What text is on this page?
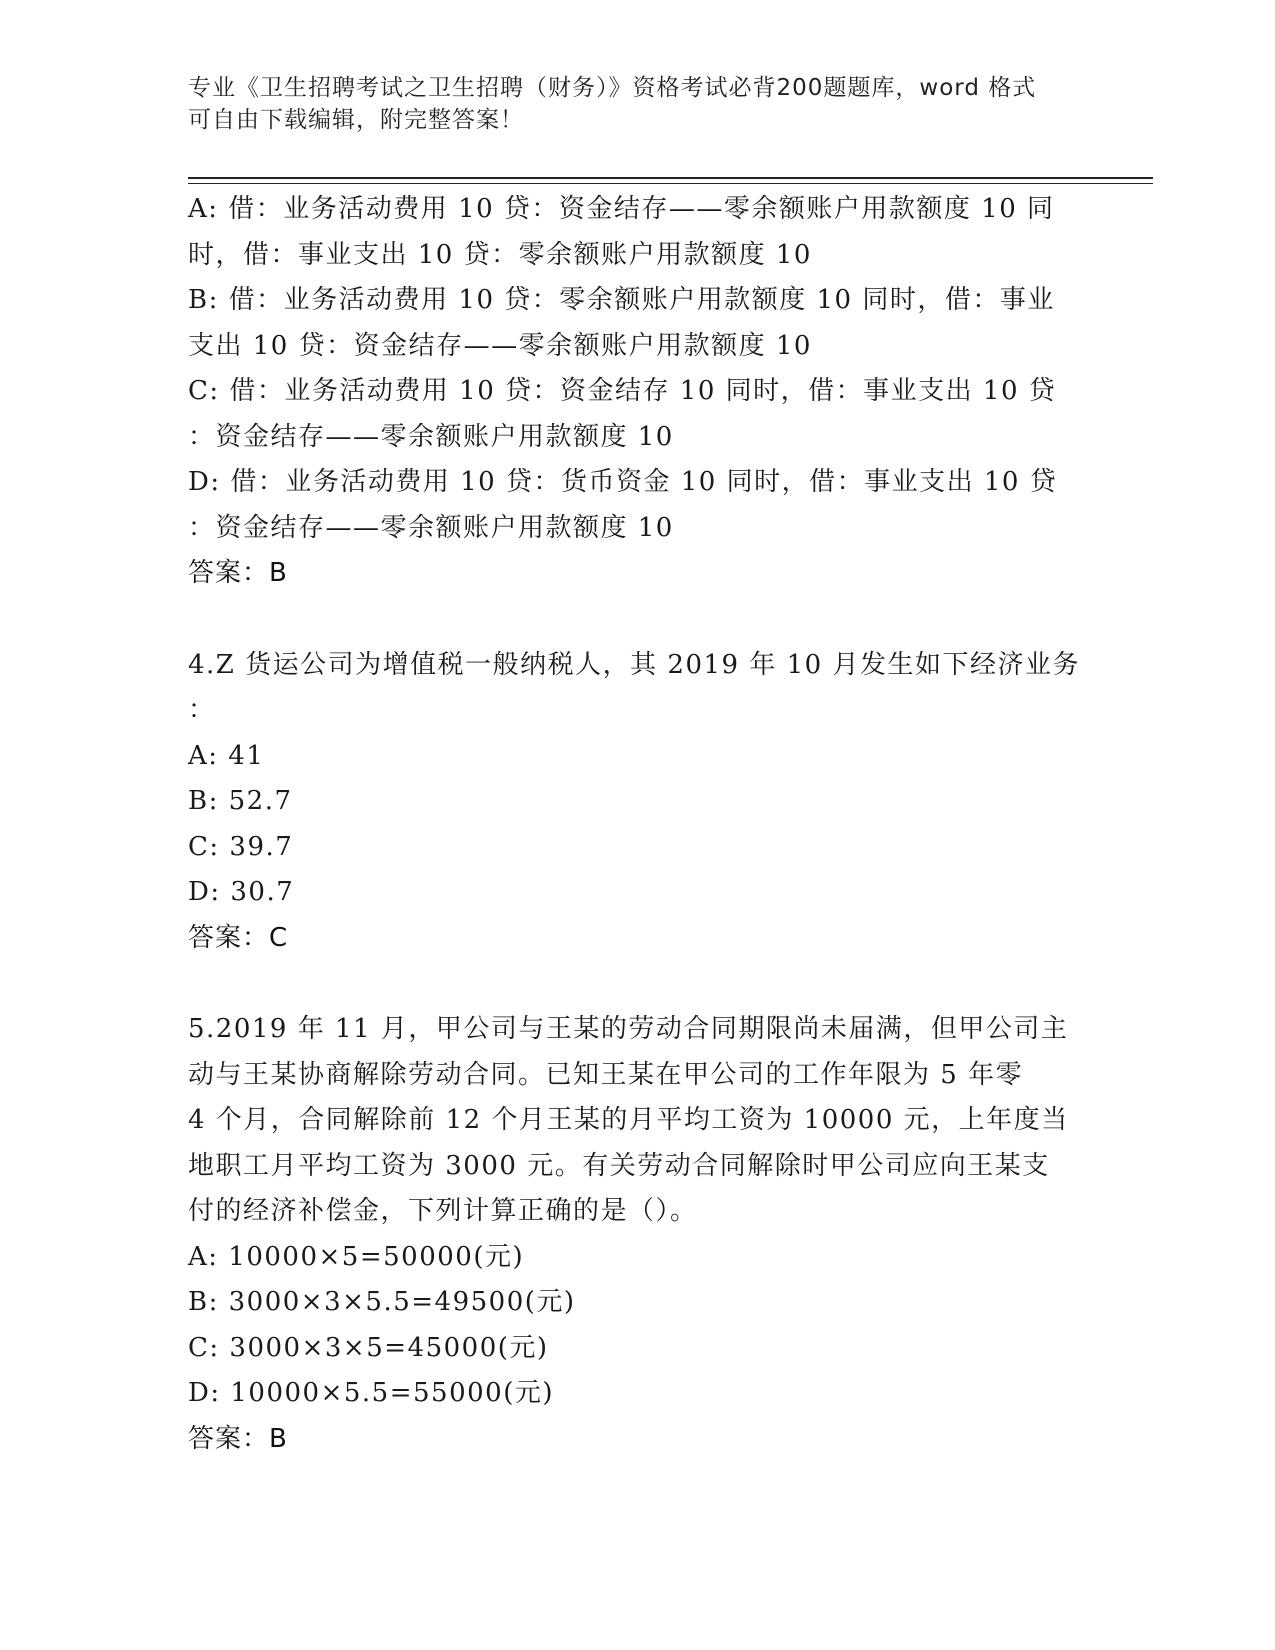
专业《卫生招聘考试之卫生招聘（财务）》资格考试必背200题题库，word 格式
可自由下载编辑，附完整答案！

A: 借：业务活动费用 10 贷：资金结存——零余额账户用款额度 10 同
时，借：事业支出 10 贷：零余额账户用款额度 10
B: 借：业务活动费用 10 贷：零余额账户用款额度 10 同时，借：事业
支出 10 贷：资金结存——零余额账户用款额度 10
C: 借：业务活动费用 10 贷：资金结存 10 同时，借：事业支出 10 贷
：资金结存——零余额账户用款额度 10
D: 借：业务活动费用 10 贷：货币资金 10 同时，借：事业支出 10 贷
：资金结存——零余额账户用款额度 10
答案：B
4.Z 货运公司为增值税一般纳税人，其 2019 年 10 月发生如下经济业务
：
A: 41
B: 52.7
C: 39.7
D: 30.7
答案：C
5.2019 年 11 月，甲公司与王某的劳动合同期限尚未届满，但甲公司主
动与王某协商解除劳动合同。已知王某在甲公司的工作年限为 5 年零
4 个月，合同解除前 12 个月王某的月平均工资为 10000 元，上年度当
地职工月平均工资为 3000 元。有关劳动合同解除时甲公司应向王某支
付的经济补偿金，下列计算正确的是（）。
A: 10000×5=50000(元)
B: 3000×3×5.5=49500(元)
C: 3000×3×5=45000(元)
D: 10000×5.5=55000(元)
答案：B
